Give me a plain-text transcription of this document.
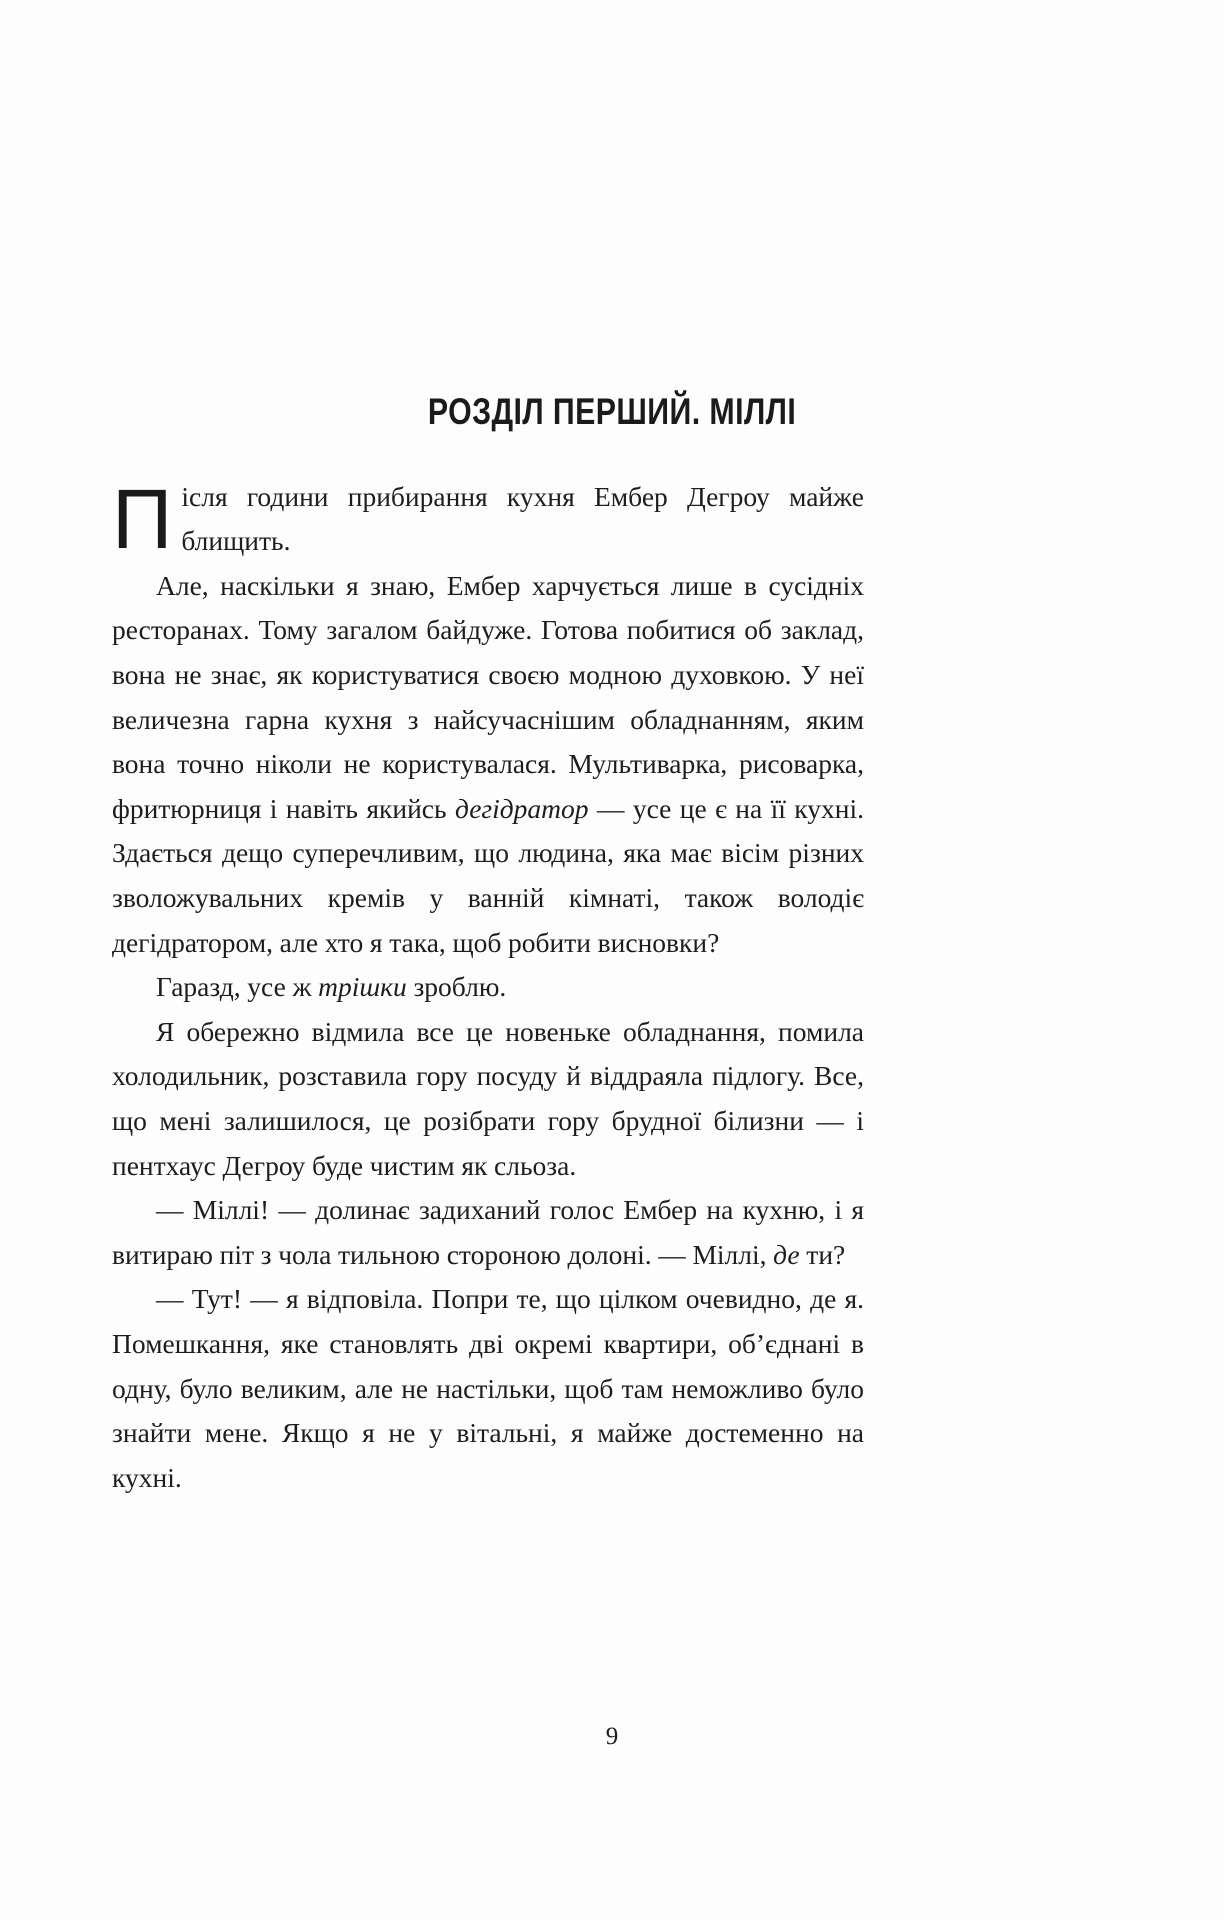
РОЗДІЛ ПЕРШИЙ. МІЛЛІ

Після години прибирання кухня Ембер Дегроу майже блищить.

Але, наскільки я знаю, Ембер харчується лише в сусідніх ресторанах. Тому загалом байдуже. Готова побитися об заклад, вона не знає, як користуватися своєю модною духовкою. У неї величезна гарна кухня з найсучаснішим обладнанням, яким вона точно ніколи не користувалася. Мультиварка, рисоварка, фритюрниця і навіть якийсь дегідратор — усе це є на її кухні. Здається дещо суперечливим, що людина, яка має вісім різних зволожувальних кремів у ванній кімнаті, також володіє дегідратором, але хто я така, щоб робити висновки?

Гаразд, усе ж трішки зроблю.

Я обережно відмила все це новеньке обладнання, помила холодильник, розставила гору посуду й віддраяла підлогу. Все, що мені залишилося, це розібрати гору брудної білизни — і пентхаус Дегроу буде чистим як сльоза.

— Міллі! — долинає задиханий голос Ембер на кухню, і я витираю піт з чола тильною стороною долоні. — Міллі, де ти?

— Тут! — я відповіла. Попри те, що цілком очевидно, де я. Помешкання, яке становлять дві окремі квартири, об’єднані в одну, було великим, але не настільки, щоб там неможливо було знайти мене. Якщо я не у вітальні, я майже достеменно на кухні.

9
